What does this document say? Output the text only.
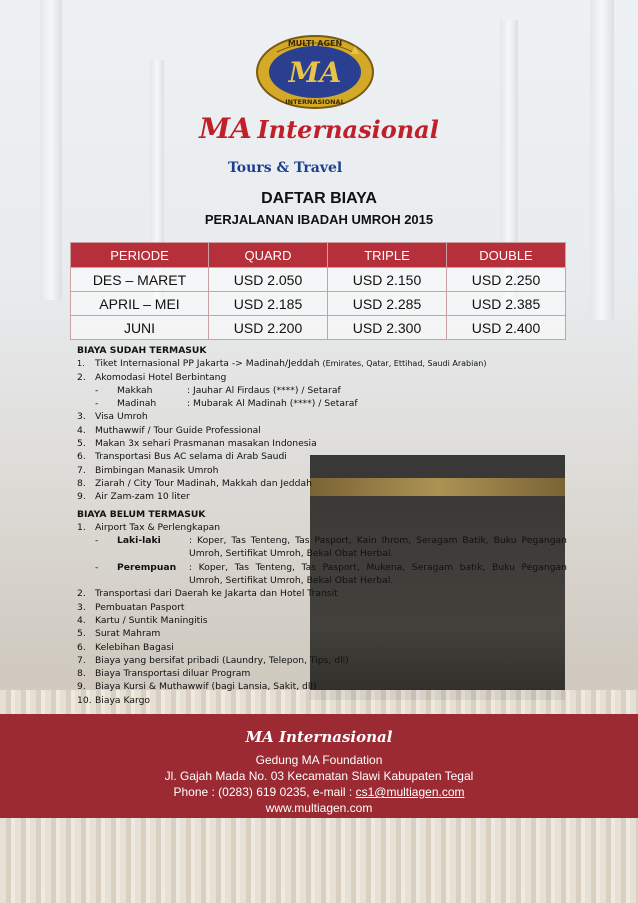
MULTI AGEN
MA
INTERNASIONAL
MA Internasional
Tours & Travel
DAFTAR BIAYA
PERJALANAN IBADAH UMROH 2015
PERIODE	QUARD	TRIPLE	DOUBLE
DES – MARET	USD 2.050	USD 2.150	USD 2.250
APRIL – MEI	USD 2.185	USD 2.285	USD 2.385
JUNI	USD 2.200	USD 2.300	USD 2.400
BIAYA SUDAH TERMASUK
1.	Tiket Internasional PP Jakarta -> Madinah/Jeddah (Emirates, Qatar, Ettihad, Saudi Arabian)
2.	Akomodasi Hotel Berbintang
-	Makkah	: Jauhar Al Firdaus (****) / Setaraf
-	Madinah	: Mubarak Al Madinah (****) / Setaraf
3.	Visa Umroh
4.	Muthawwif / Tour Guide Professional
5.	Makan 3x sehari Prasmanan masakan Indonesia
6.	Transportasi Bus AC selama di Arab Saudi
7.	Bimbingan Manasik Umroh
8.	Ziarah / City Tour Madinah, Makkah dan Jeddah
9.	Air Zam-zam 10 liter
BIAYA BELUM TERMASUK
1.	Airport Tax & Perlengkapan
-	Laki-laki	: Koper, Tas Tenteng, Tas Pasport, Kain Ihrom, Seragam Batik, Buku Pegangan Umroh, Sertifikat Umroh, Bekal Obat Herbal.
-	Perempuan	: Koper, Tas Tenteng, Tas Pasport, Mukena, Seragam batik, Buku Pegangan Umroh, Sertifikat Umroh, Bekal Obat Herbal.
2.	Transportasi dari Daerah ke Jakarta dan Hotel Transit
3.	Pembuatan Pasport
4.	Kartu / Suntik Maningitis
5.	Surat Mahram
6.	Kelebihan Bagasi
7.	Biaya yang bersifat pribadi (Laundry, Telepon, Tips, dll)
8.	Biaya Transportasi diluar Program
9.	Biaya Kursi & Muthawwif (bagi Lansia, Sakit, dll)
10. Biaya Kargo
MA Internasional
Gedung MA Foundation
Jl. Gajah Mada No. 03 Kecamatan Slawi Kabupaten Tegal
Phone : (0283) 619 0235, e-mail : cs1@multiagen.com
www.multiagen.com
